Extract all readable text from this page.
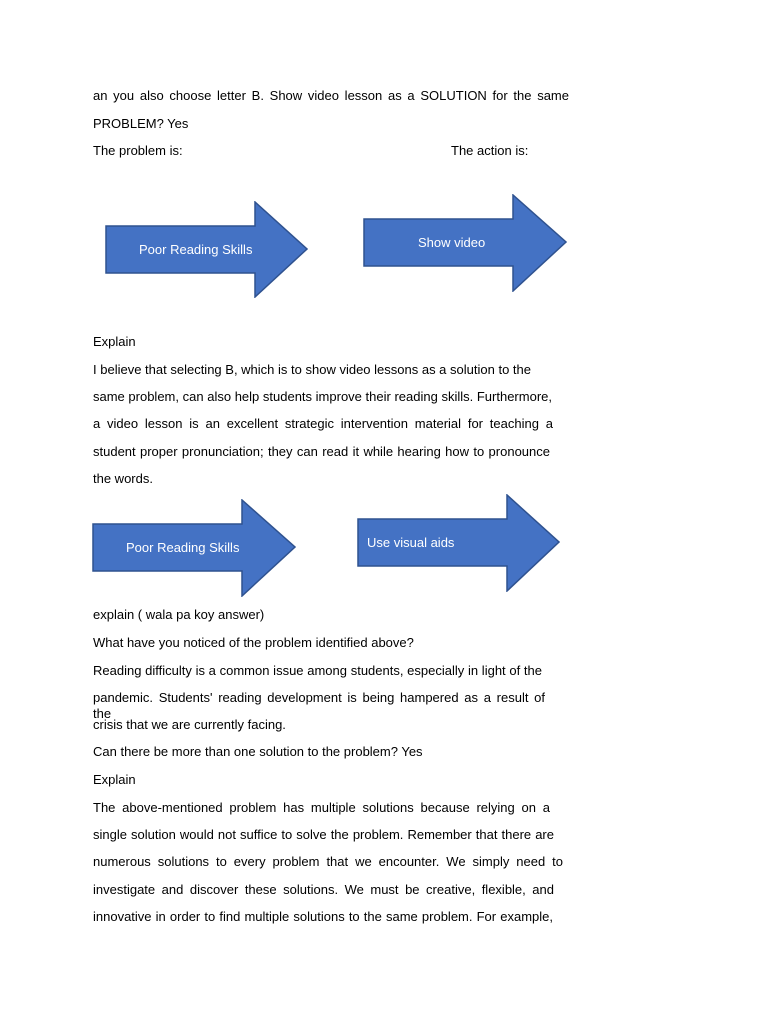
an you also choose letter B. Show video lesson as a SOLUTION for the same
PROBLEM? Yes
The problem is:	The action is:
Poor Reading Skills	Show video
Explain
I believe that selecting B, which is to show video lessons as a solution to the
same problem, can also help students improve their reading skills. Furthermore,
a video lesson is an excellent strategic intervention material for teaching a
student proper pronunciation; they can read it while hearing how to pronounce
the words.
Poor Reading Skills	Use visual aids
explain ( wala pa koy answer)
What have you noticed of the problem identified above?
Reading difficulty is a common issue among students, especially in light of the
pandemic. Students' reading development is being hampered as a result of the
crisis that we are currently facing.
Can there be more than one solution to the problem? Yes
Explain
The above-mentioned problem has multiple solutions because relying on a
single solution would not suffice to solve the problem. Remember that there are
numerous solutions to every problem that we encounter. We simply need to
investigate and discover these solutions. We must be creative, flexible, and
innovative in order to find multiple solutions to the same problem. For example,
